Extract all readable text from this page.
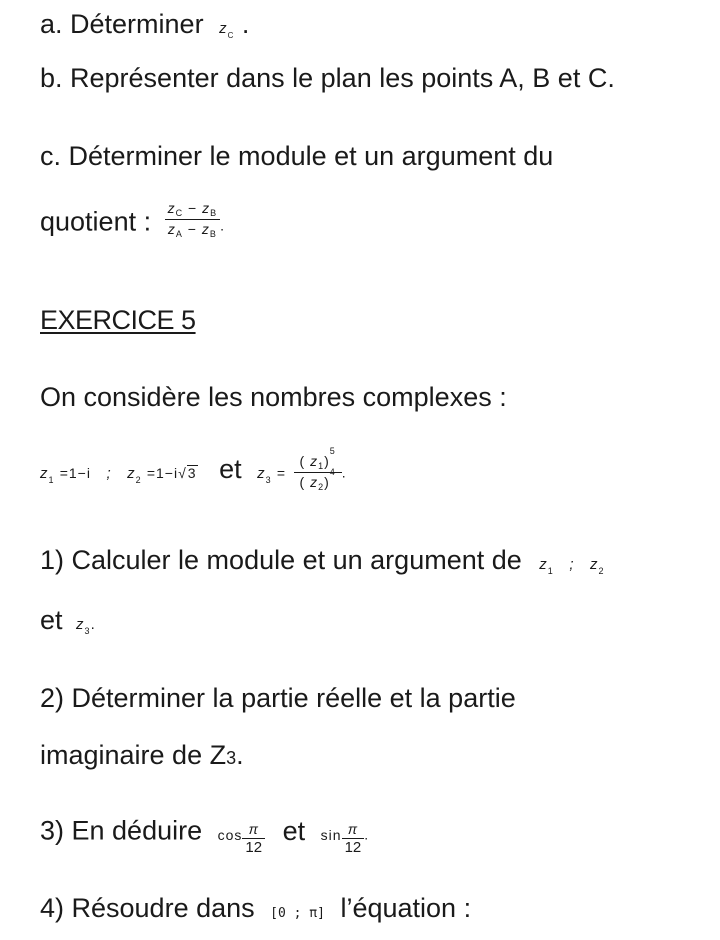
a. Déterminer $z_C$ .
b. Représenter dans le plan les points A, B et C.
c. Déterminer le module et un argument du
quotient : $\frac{z_C - z_B}{z_A - z_B}$ .
EXERCICE 5
On considère les nombres complexes :
$z_1 =1-i$ ; $z_2 =1-i√3$ et $z_3 = \frac{( z_1)^5}{( z_2)^4}$ .
1) Calculer le module et un argument de $z_1$ ; $z_2$
et $z_3$.
2) Déterminer la partie réelle et la partie
imaginaire de Z3.
3) En déduire $\cos \frac{\pi}{12}$ et $\sin \frac{\pi}{12}$ .
4) Résoudre dans [0 ; π] l’équation :
